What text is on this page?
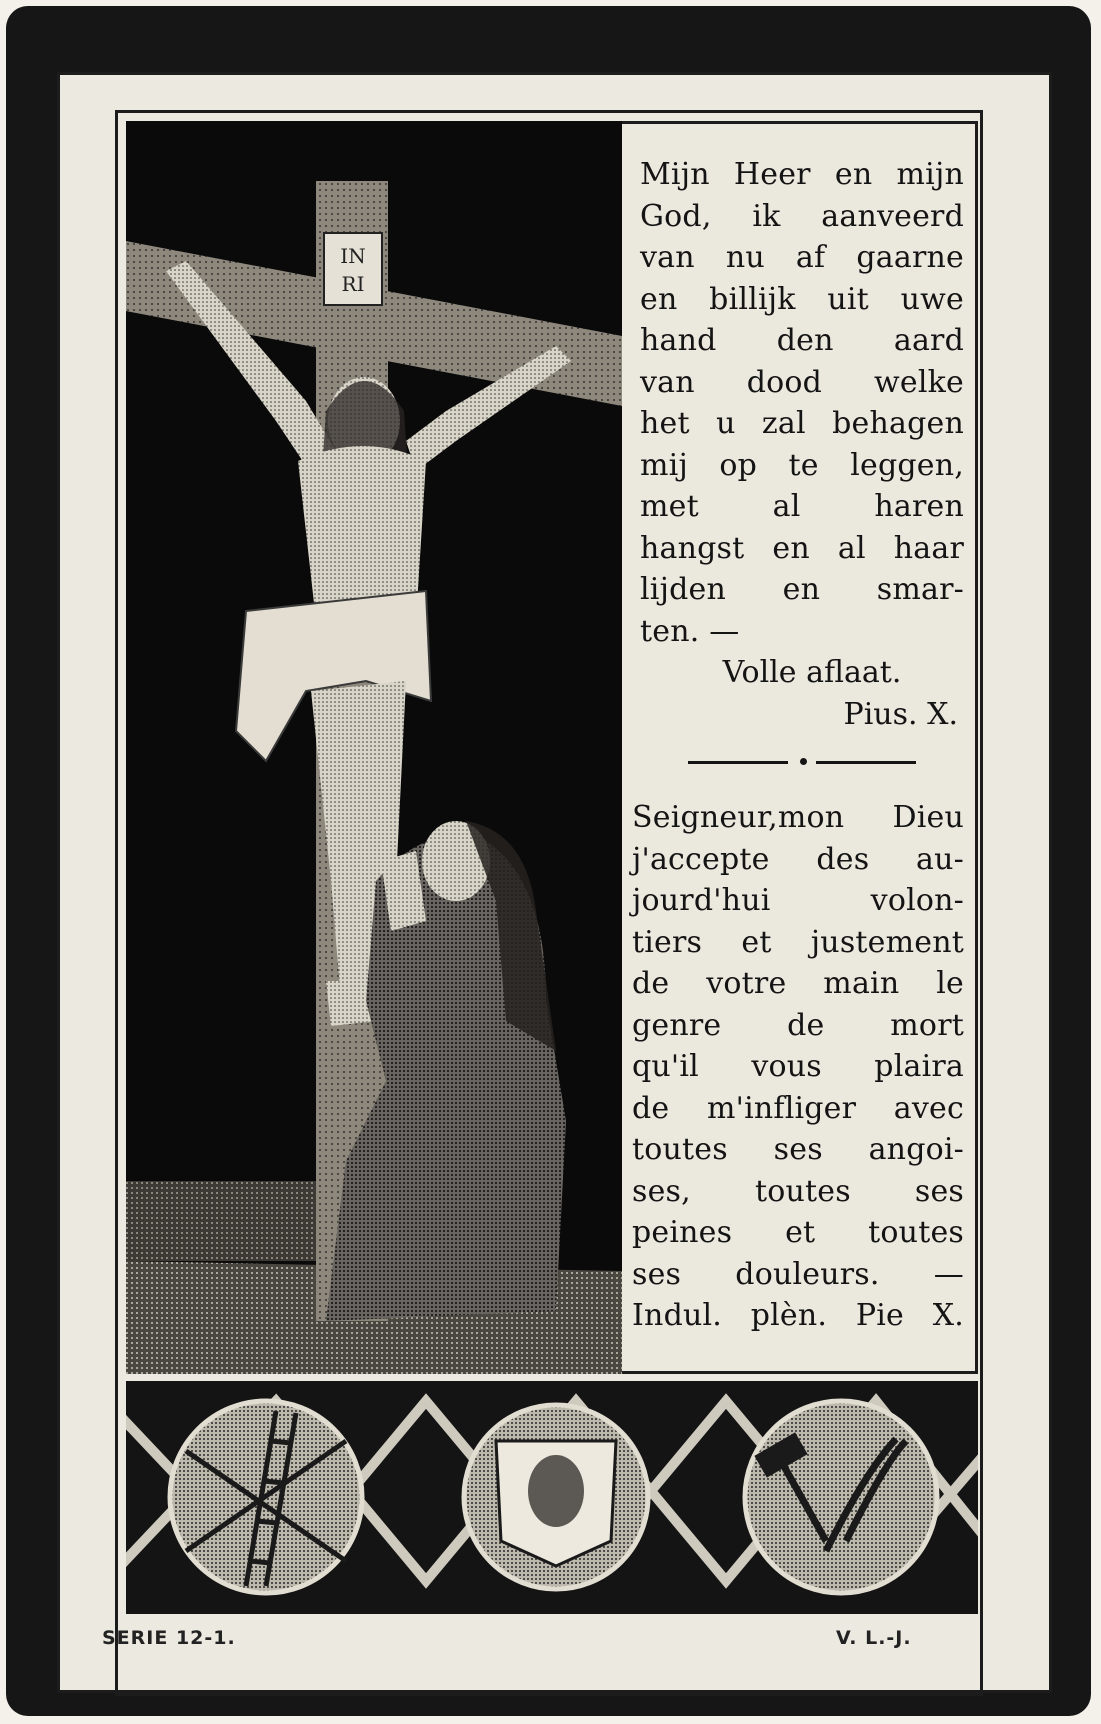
IN
RI

Mijn Heer en mijn
God, ik aanveerd
van nu af gaarne
en billijk uit uwe
hand den aard
van dood welke
het u zal behagen
mij op te leggen,
met al haren
hangst en al haar
lijden en smar-
ten. —

Volle aflaat.
Pius. X.

Seigneur,mon Dieu
j'accepte des au-
jourd'hui volon-
tiers et justement
de votre main le
genre de mort
qu'il vous plaira
de m'infliger avec
toutes ses angoi-
ses, toutes ses
peines et toutes
ses douleurs. —
Indul. plèn. Pie X.

SERIE 12-1.	V. L.-J.
